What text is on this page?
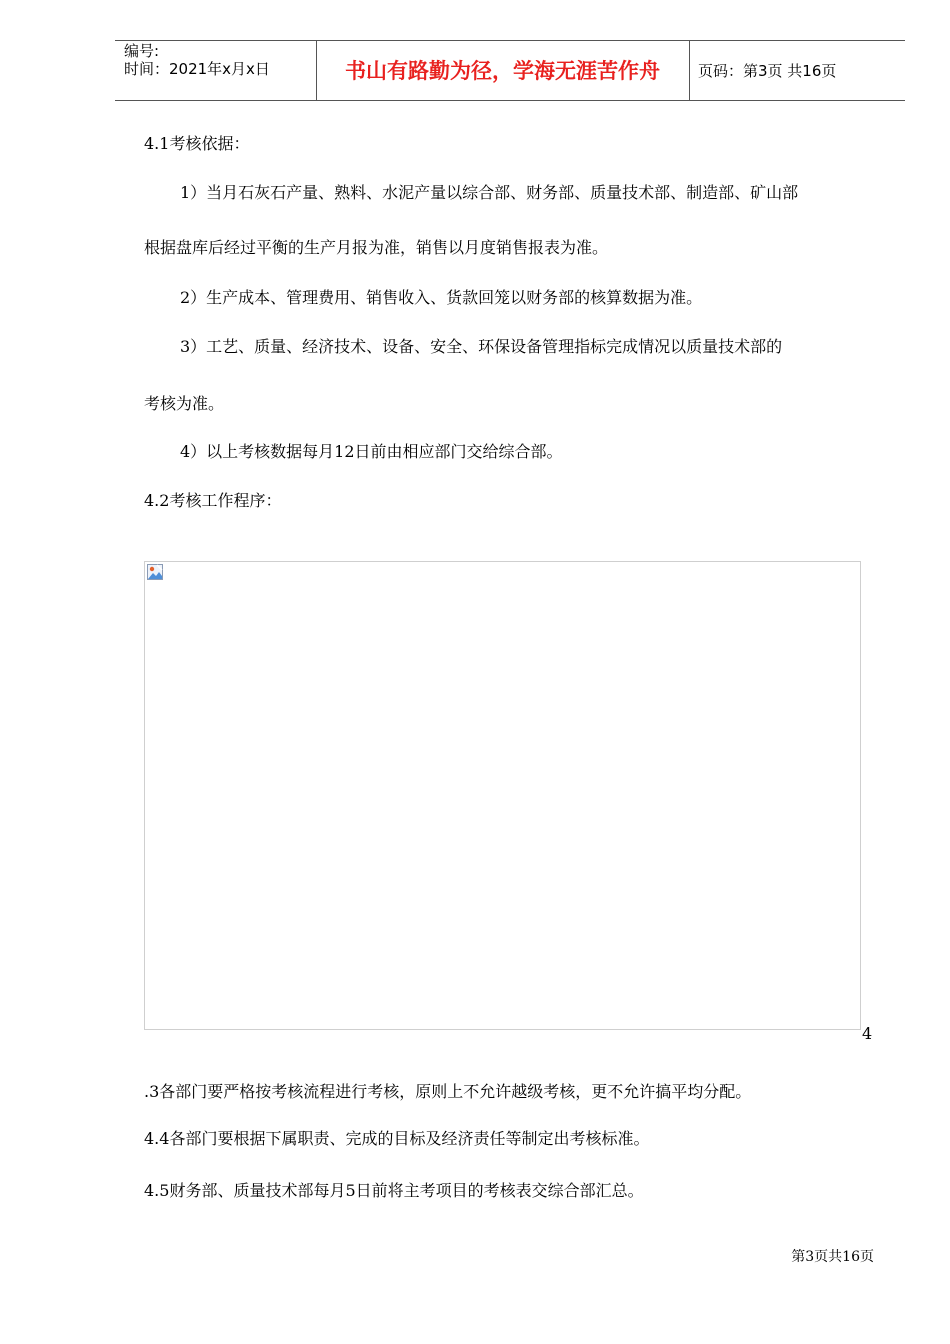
编号:
时间：2021年x月x日	书山有路勤为径，学海无涯苦作舟	页码：第3页 共16页
4.1考核依据：
1）当月石灰石产量、熟料、水泥产量以综合部、财务部、质量技术部、制造部、矿山部
根据盘库后经过平衡的生产月报为准，销售以月度销售报表为准。
2）生产成本、管理费用、销售收入、货款回笼以财务部的核算数据为准。
3）工艺、质量、经济技术、设备、安全、环保设备管理指标完成情况以质量技术部的
考核为准。
4）以上考核数据每月12日前由相应部门交给综合部。
4.2考核工作程序：
4
.3各部门要严格按考核流程进行考核，原则上不允许越级考核，更不允许搞平均分配。
4.4各部门要根据下属职责、完成的目标及经济责任等制定出考核标准。
4.5财务部、质量技术部每月5日前将主考项目的考核表交综合部汇总。
第3页共16页
